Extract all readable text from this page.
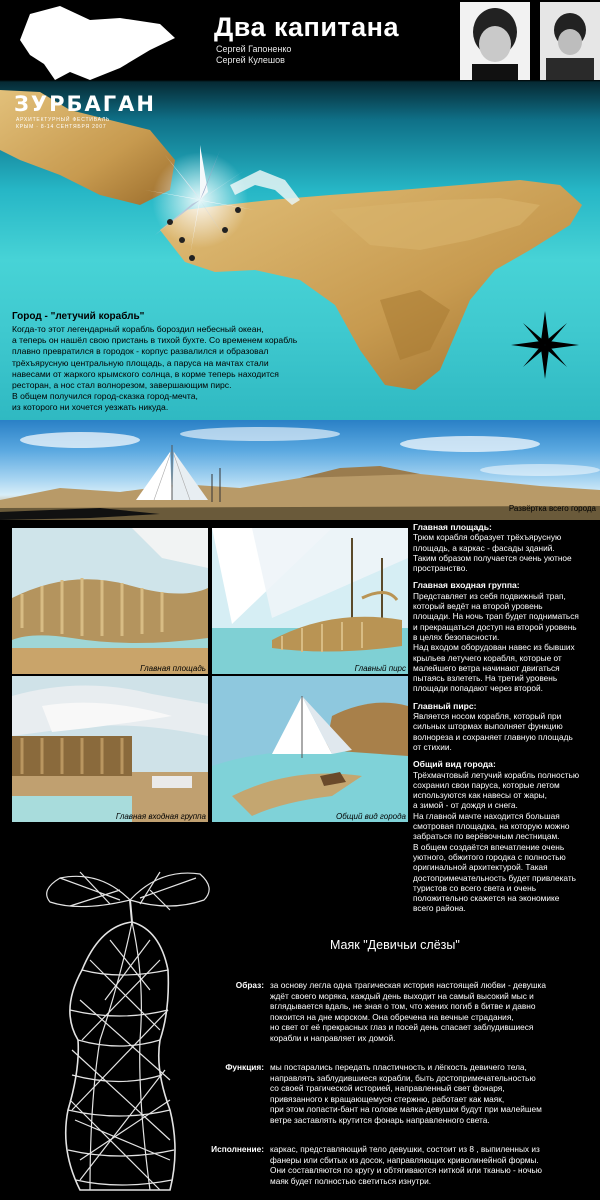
Два капитана
Сергей Гапоненко
Сергей Кулешов
ЗУРБАГАН
АРХИТЕКТУРНЫЙ ФЕСТИВАЛЬ
КРЫМ · 8-14 СЕНТЯБРЯ 2007
Город - "летучий корабль"
Когда-то этот легендарный корабль бороздил небесный океан,
а теперь он нашёл свою пристань в тихой бухте. Со временем корабль
плавно превратился в городок - корпус развалился и образовал
трёхъярусную центральную площадь, а паруса на мачтах стали
навесами от жаркого крымского солнца, в корме теперь находится
ресторан, а нос стал волнорезом, завершающим пирс.
В общем получился город-сказка город-мечта,
из которого ни хочется уезжать никуда.
Развёртка всего города
Главная площадь	Главный пирс
Главная входная группа	Общий вид города
Главная площадь:
Трюм корабля образует трёхъярусную
площадь, а каркас - фасады зданий.
Таким образом получается очень уютное
пространство.
Главная входная группа:
Представляет из себя подвижный трап,
который ведёт на второй уровень
площади. На ночь трап будет подниматься
и прекращаться доступ на второй уровень
в целях безопасности.
Над входом оборудован навес из бывших
крыльев летучего корабля, которые от
малейшего ветра начинают двигаться
пытаясь взлететь. На третий уровень
площади попадают через второй.
Главный пирс:
Является носом корабля, который при
сильных штормах выполняет функцию
волнореза и сохраняет главную площадь
от стихии.
Общий вид города:
Трёхмачтовый летучий корабль полностью
сохранил свои паруса, которые летом
используются как навесы от жары,
а зимой - от дождя и снега.
На главной мачте находится большая
смотровая площадка, на которую можно
забраться по верёвочным лестницам.
В общем создаётся впечатление очень
уютного, обжитого городка с полностью
оригинальной архитектурой. Такая
достопримечательность будет привлекать
туристов со всего света и очень
положительно скажется на экономике
всего района.
Маяк "Девичьи слёзы"
Образ: за основу легла одна трагическая история настоящей любви - девушка
ждёт своего моряка, каждый день выходит на самый высокий мыс и
вглядывается вдаль, не зная о том, что жених погиб в битве и давно
покоится на дне морском. Она обречена на вечные страдания,
но свет от её прекрасных глаз и посей день спасает заблудившиеся
корабли и направляет их домой.
Функция: мы постарались передать пластичность и лёгкость девичего тела,
направлять заблудившиеся корабли, быть достопримечательностью
со своей трагической историей, направленный свет фонаря,
привязанного к вращающемуся стержню, работает как маяк,
при этом лопасти-бант на голове маяка-девушки будут при малейшем
ветре заставлять крутится фонарь направленного света.
Исполнение: каркас, представляющий тело девушки, состоит из 8 , выпиленных из
фанеры или сбитых из досок, направляющих криволинейной формы.
Они составляются по кругу и обтягиваются ниткой или тканью - ночью
маяк будет полностью светиться изнутри.
